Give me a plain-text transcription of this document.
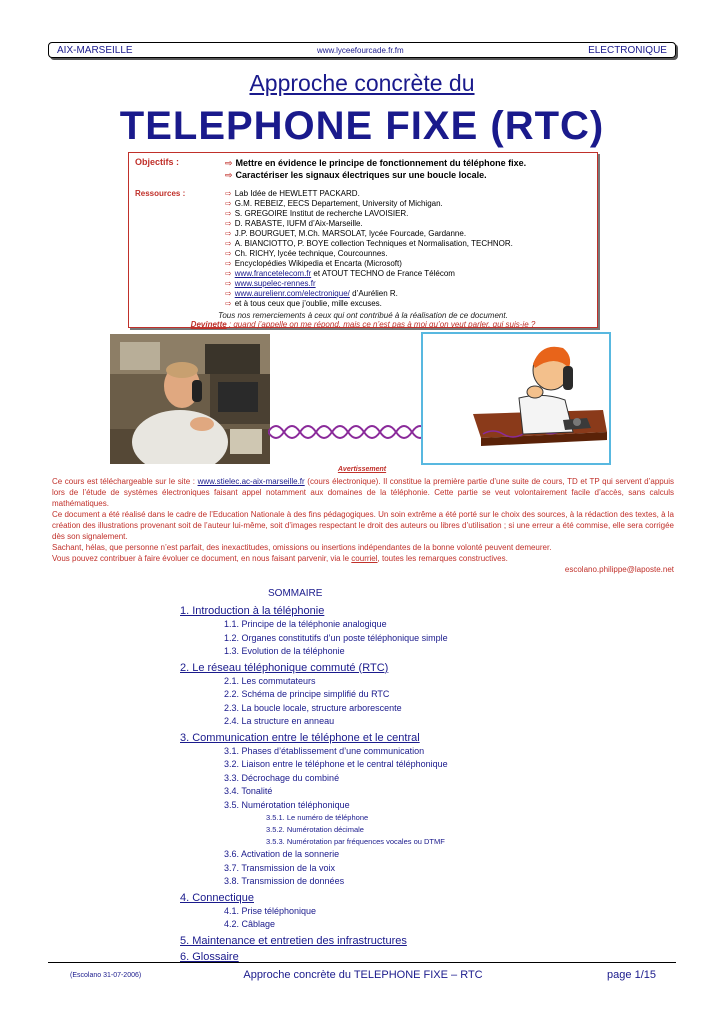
AIX-MARSEILLE	www.lyceefourcade.fr.fm	ELECTRONIQUE
Approche concrète du
TELEPHONE FIXE (RTC)
Objectifs :	⇨ Mettre en évidence le principe de fonctionnement du téléphone fixe.
⇨ Caractériser les signaux électriques sur une boucle locale.
Ressources :	⇨ Lab Idée de HEWLETT PACKARD.
⇨ G.M. REBEIZ, EECS Departement, University of Michigan.
⇨ S. GREGOIRE Institut de recherche LAVOISIER.
⇨ D. RABASTE, IUFM d’Aix-Marseille.
⇨ J.P. BOURGUET, M.Ch. MARSOLAT, lycée Fourcade, Gardanne.
⇨ A. BIANCIOTTO, P. BOYE collection Techniques et Normalisation, TECHNOR.
⇨ Ch. RICHY, lycée technique, Courcounnes.
⇨ Encyclopédies Wikipedia et Encarta (Microsoft)
⇨ www.francetelecom.fr et ATOUT TECHNO de France Télécom
⇨ www.supelec-rennes.fr
⇨ www.aurelienr.com/electronique/ d’Aurélien R.
⇨ et à tous ceux que j’oublie, mille excuses.
Tous nos remerciements à ceux qui ont contribué à la réalisation de ce document.
Devinette : quand j’appelle on me répond, mais ce n’est pas à moi qu’on veut parler, qui suis-je ?
Avertissement

Ce cours est téléchargeable sur le site : www.stielec.ac-aix-marseille.fr (cours électronique). Il constitue la première partie d’une suite de cours, TD et TP qui servent d’appuis lors de l’étude de systèmes électroniques faisant appel notamment aux domaines de la téléphonie. Cette partie se veut volontairement facile d’accès, sans calculs mathématiques.

Ce document a été réalisé dans le cadre de l’Education Nationale à des fins pédagogiques. Un soin extrême a été porté sur le choix des sources, à la rédaction des textes, à la création des illustrations provenant soit de l’auteur lui-même, soit d’images respectant le droit des auteurs ou libres d’utilisation ; si une erreur a été commise, elle sera corrigée dès son signalement.

Sachant, hélas, que personne n’est parfait, des inexactitudes, omissions ou insertions indépendantes de la bonne volonté peuvent demeurer.

Vous pouvez contribuer à faire évoluer ce document, en nous faisant parvenir, via le courriel, toutes les remarques constructives.

escolano.philippe@laposte.net
SOMMAIRE
1. Introduction à la téléphonie
1.1. Principe de la téléphonie analogique
1.2. Organes constitutifs d’un poste téléphonique simple
1.3. Evolution de la téléphonie
2. Le réseau téléphonique commuté (RTC)
2.1. Les commutateurs
2.2. Schéma de principe simplifié du RTC
2.3. La boucle locale, structure arborescente
2.4. La structure en anneau
3. Communication entre le téléphone et le central
3.1. Phases d’établissement d’une communication
3.2. Liaison entre le téléphone et le central téléphonique
3.3. Décrochage du combiné
3.4. Tonalité
3.5. Numérotation téléphonique
3.5.1. Le numéro de téléphone
3.5.2. Numérotation décimale
3.5.3. Numérotation par fréquences vocales ou DTMF
3.6. Activation de la sonnerie
3.7. Transmission de la voix
3.8. Transmission de données
4. Connectique
4.1. Prise téléphonique
4.2. Câblage
5. Maintenance et entretien des infrastructures
6. Glossaire
(Escolano 31-07-2006)	Approche concrète du TELEPHONE FIXE – RTC	page 1/15
